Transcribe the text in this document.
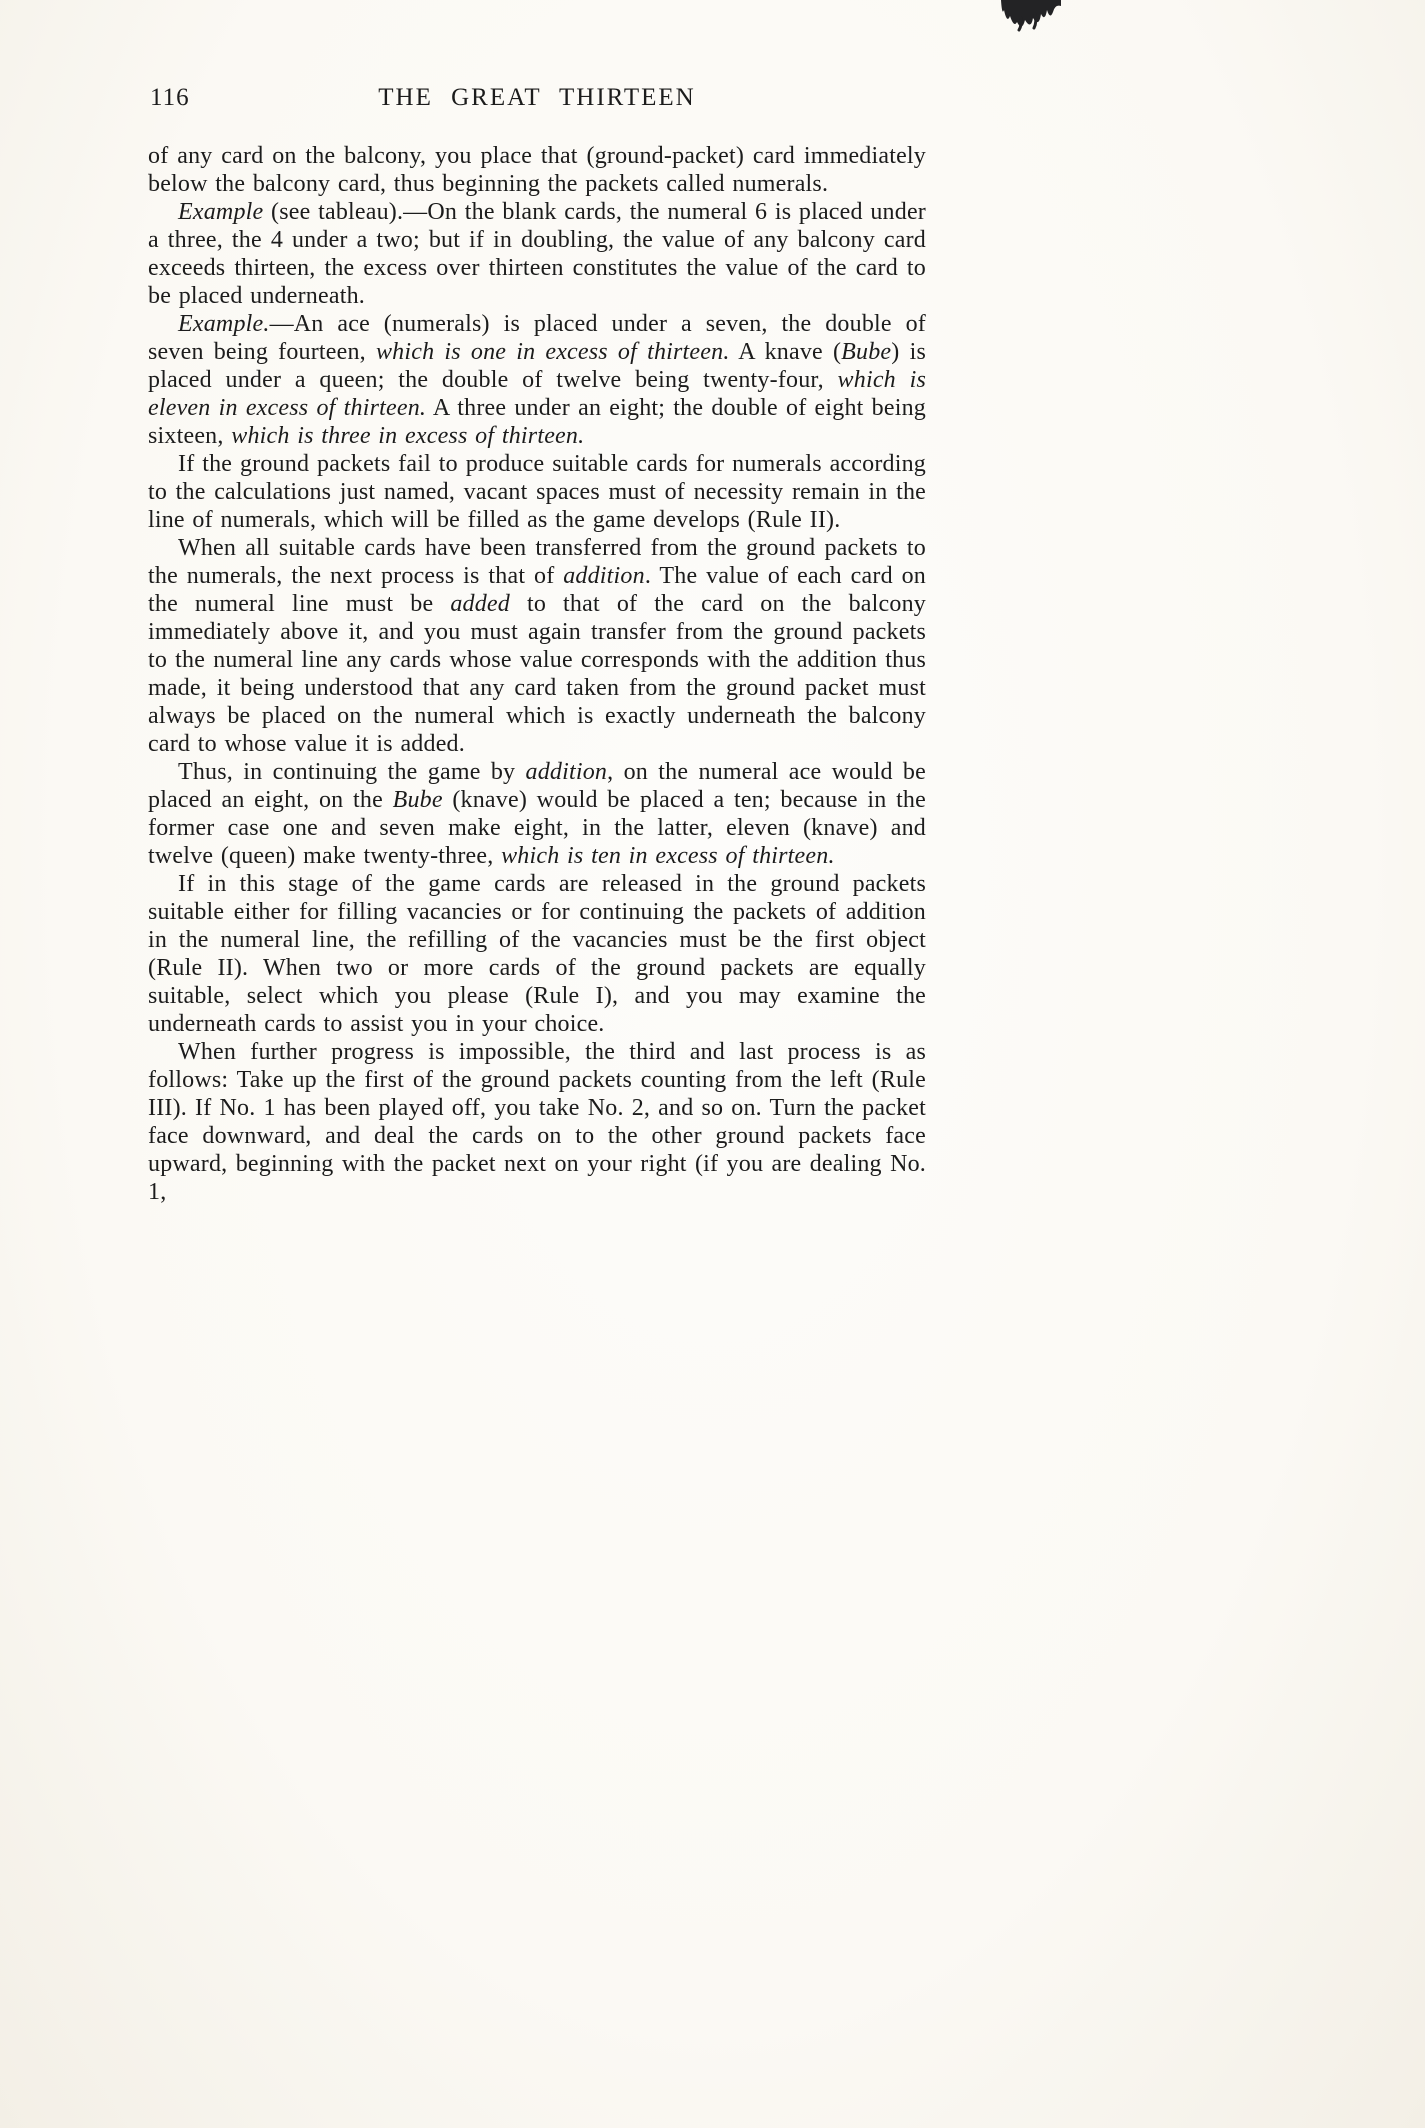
116	THE GREAT THIRTEEN

of any card on the balcony, you place that (ground-packet) card immediately below the balcony card, thus beginning the packets called numerals.

Example (see tableau).—On the blank cards, the numeral 6 is placed under a three, the 4 under a two; but if in doubling, the value of any balcony card exceeds thirteen, the excess over thirteen constitutes the value of the card to be placed underneath.

Example.—An ace (numerals) is placed under a seven, the double of seven being fourteen, which is one in excess of thirteen. A knave (Bube) is placed under a queen; the double of twelve being twenty-four, which is eleven in excess of thirteen. A three under an eight; the double of eight being sixteen, which is three in excess of thirteen.

If the ground packets fail to produce suitable cards for numerals according to the calculations just named, vacant spaces must of necessity remain in the line of numerals, which will be filled as the game develops (Rule II).

When all suitable cards have been transferred from the ground packets to the numerals, the next process is that of addition. The value of each card on the numeral line must be added to that of the card on the balcony immediately above it, and you must again transfer from the ground packets to the numeral line any cards whose value corresponds with the addition thus made, it being understood that any card taken from the ground packet must always be placed on the numeral which is exactly underneath the balcony card to whose value it is added.

Thus, in continuing the game by addition, on the numeral ace would be placed an eight, on the Bube (knave) would be placed a ten; because in the former case one and seven make eight, in the latter, eleven (knave) and twelve (queen) make twenty-three, which is ten in excess of thirteen.

If in this stage of the game cards are released in the ground packets suitable either for filling vacancies or for continuing the packets of addition in the numeral line, the refilling of the vacancies must be the first object (Rule II). When two or more cards of the ground packets are equally suitable, select which you please (Rule I), and you may examine the underneath cards to assist you in your choice.

When further progress is impossible, the third and last process is as follows: Take up the first of the ground packets counting from the left (Rule III). If No. 1 has been played off, you take No. 2, and so on. Turn the packet face downward, and deal the cards on to the other ground packets face upward, beginning with the packet next on your right (if you are dealing No. 1,
